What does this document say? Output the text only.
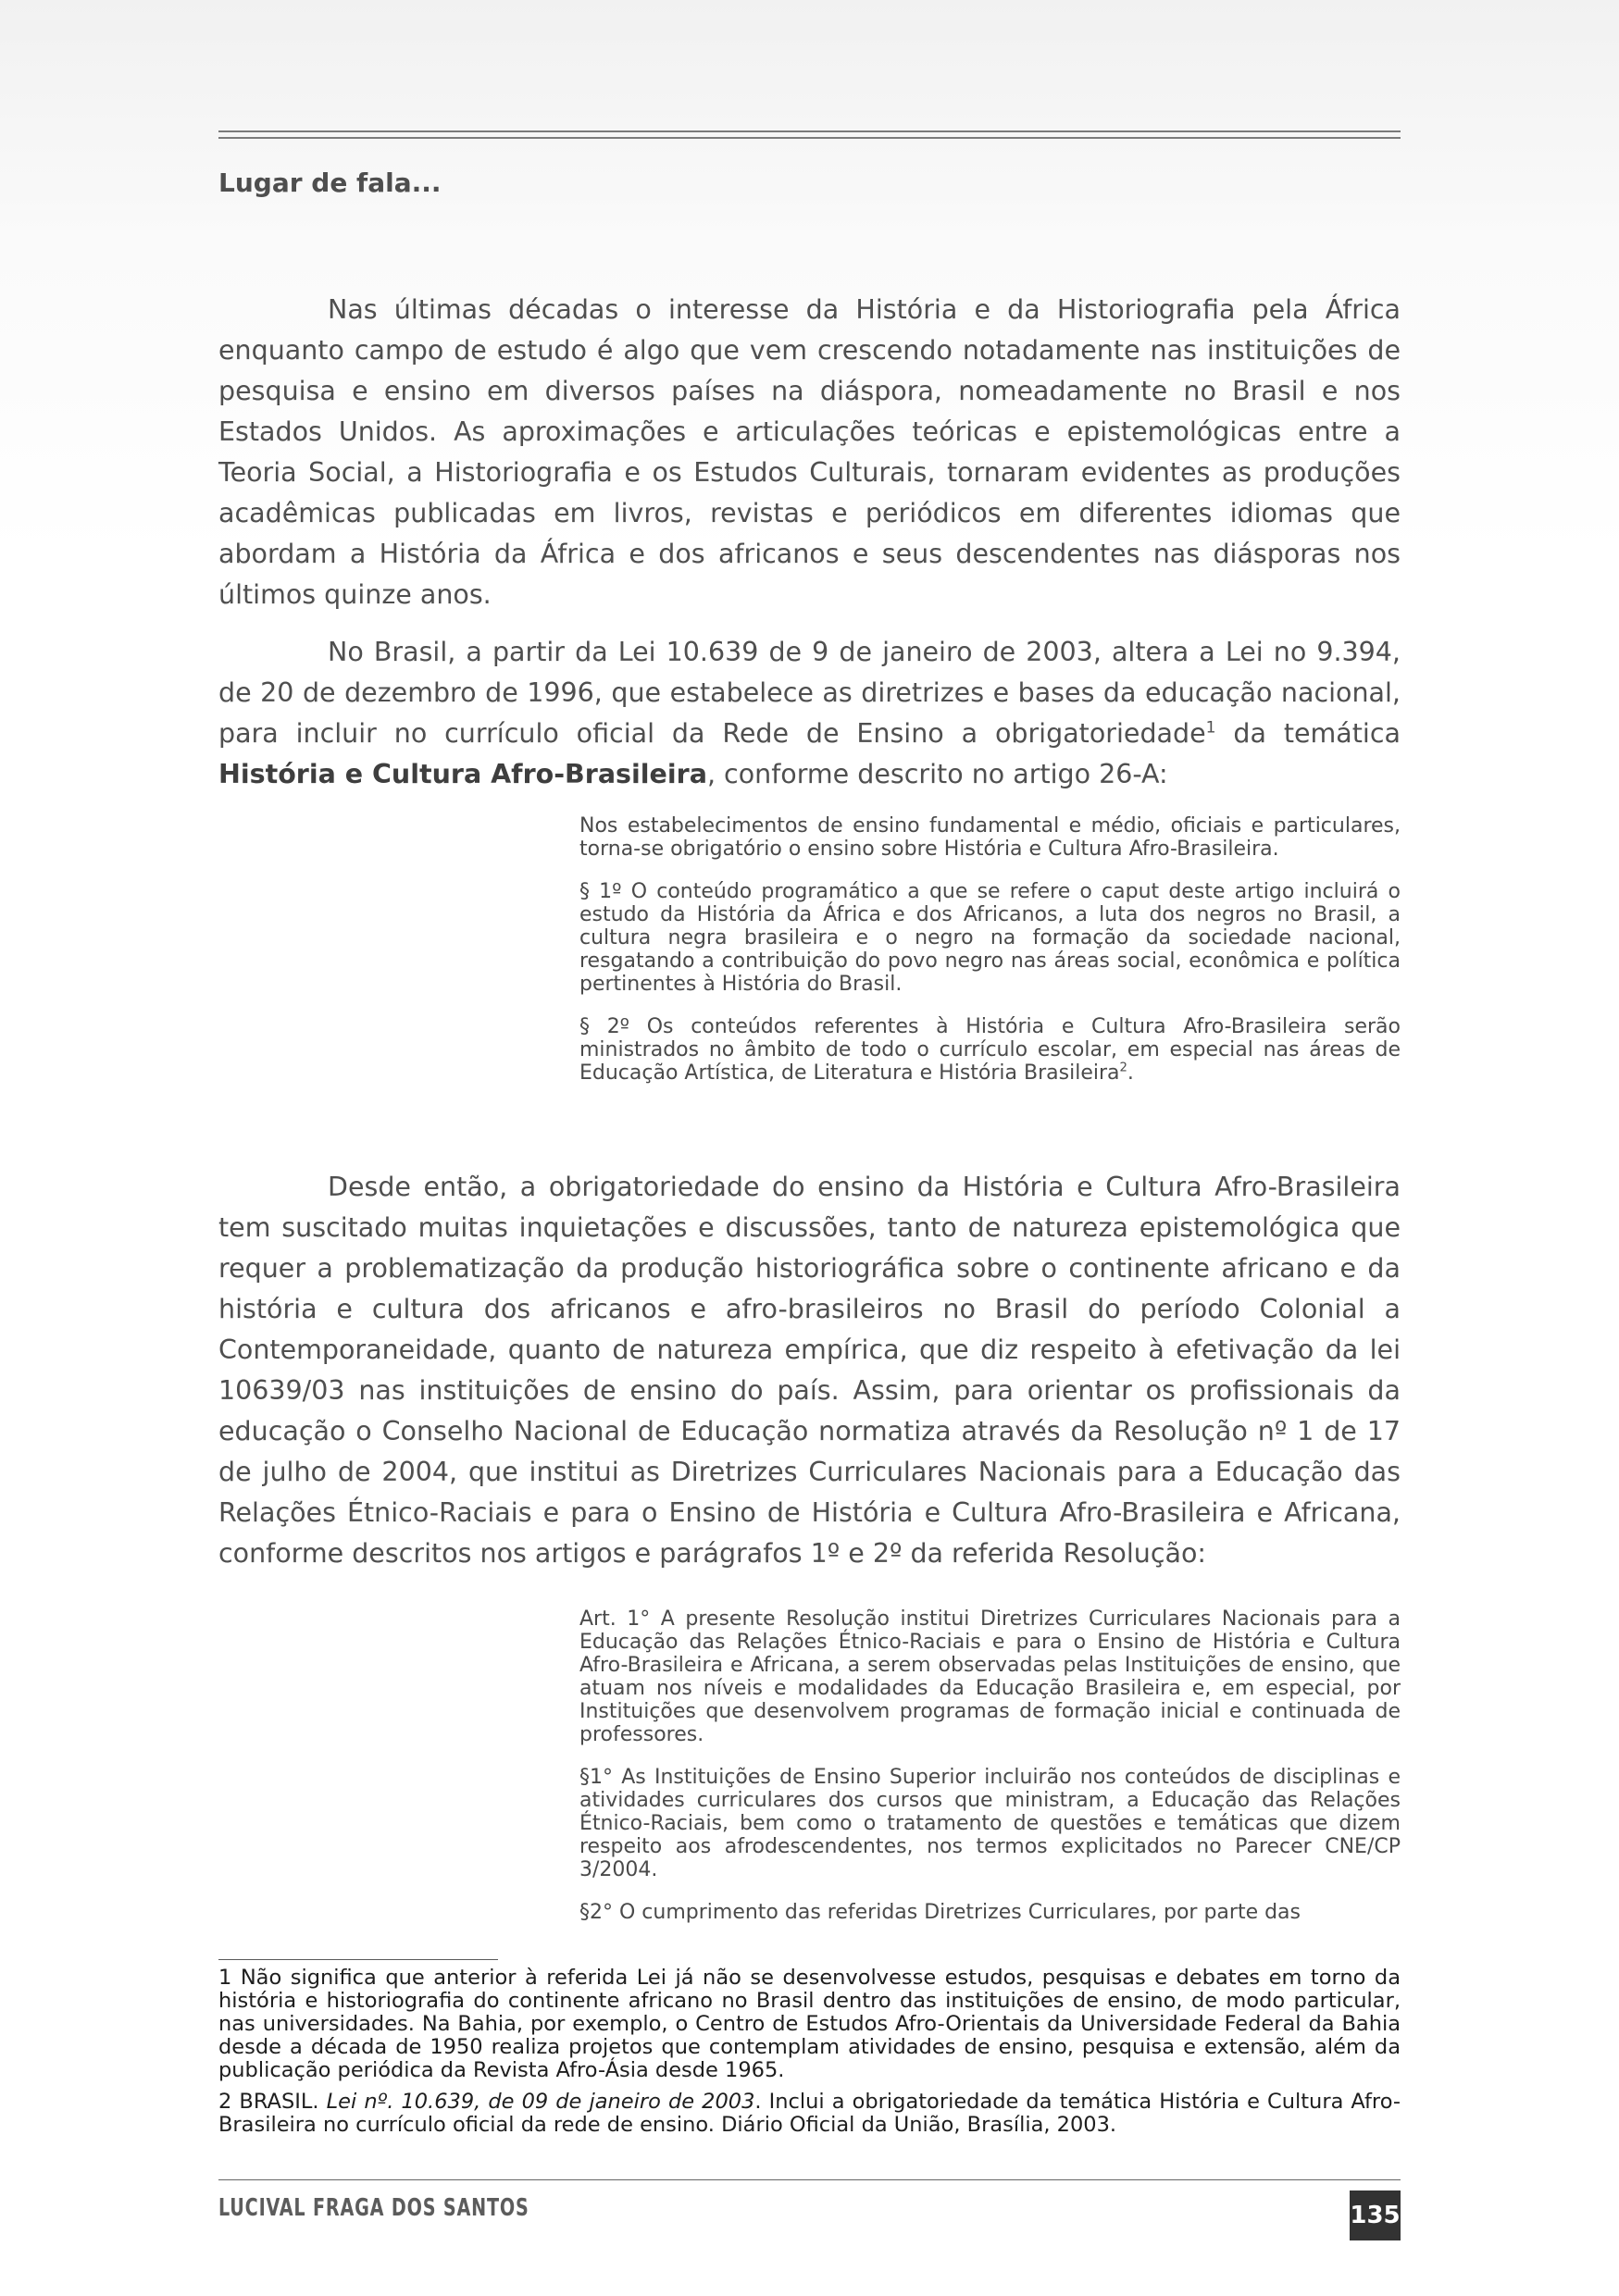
Lugar de fala...

Nas últimas décadas o interesse da História e da Historiografia pela África enquanto campo de estudo é algo que vem crescendo notadamente nas instituições de pesquisa e ensino em diversos países na diáspora, nomeadamente no Brasil e nos Estados Unidos. As aproximações e articulações teóricas e epistemológicas entre a Teoria Social, a Historiografia e os Estudos Culturais, tornaram evidentes as produções acadêmicas publicadas em livros, revistas e periódicos em diferentes idiomas que abordam a História da África e dos africanos e seus descendentes nas diásporas nos últimos quinze anos.

No Brasil, a partir da Lei 10.639 de 9 de janeiro de 2003, altera a Lei no 9.394, de 20 de dezembro de 1996, que estabelece as diretrizes e bases da educação nacional, para incluir no currículo oficial da Rede de Ensino a obrigatoriedade$^1$ da temática História e Cultura Afro-Brasileira, conforme descrito no artigo 26-A:

Nos estabelecimentos de ensino fundamental e médio, oficiais e particulares, torna-se obrigatório o ensino sobre História e Cultura Afro-Brasileira.

§ 1º O conteúdo programático a que se refere o caput deste artigo incluirá o estudo da História da África e dos Africanos, a luta dos negros no Brasil, a cultura negra brasileira e o negro na formação da sociedade nacional, resgatando a contribuição do povo negro nas áreas social, econômica e política pertinentes à História do Brasil.

§ 2º Os conteúdos referentes à História e Cultura Afro-Brasileira serão ministrados no âmbito de todo o currículo escolar, em especial nas áreas de Educação Artística, de Literatura e História Brasileira$^2$.

Desde então, a obrigatoriedade do ensino da História e Cultura Afro-Brasileira tem suscitado muitas inquietações e discussões, tanto de natureza epistemológica que requer a problematização da produção historiográfica sobre o continente africano e da história e cultura dos africanos e afro-brasileiros no Brasil do período Colonial a Contemporaneidade, quanto de natureza empírica, que diz respeito à efetivação da lei 10639/03 nas instituições de ensino do país. Assim, para orientar os profissionais da educação o Conselho Nacional de Educação normatiza através da Resolução nº 1 de 17 de julho de 2004, que institui as Diretrizes Curriculares Nacionais para a Educação das Relações Étnico-Raciais e para o Ensino de História e Cultura Afro-Brasileira e Africana, conforme descritos nos artigos e parágrafos 1º e 2º da referida Resolução:

Art. 1° A presente Resolução institui Diretrizes Curriculares Nacionais para a Educação das Relações Étnico-Raciais e para o Ensino de História e Cultura Afro-Brasileira e Africana, a serem observadas pelas Instituições de ensino, que atuam nos níveis e modalidades da Educação Brasileira e, em especial, por Instituições que desenvolvem programas de formação inicial e continuada de professores.

§1° As Instituições de Ensino Superior incluirão nos conteúdos de disciplinas e atividades curriculares dos cursos que ministram, a Educação das Relações Étnico-Raciais, bem como o tratamento de questões e temáticas que dizem respeito aos afrodescendentes, nos termos explicitados no Parecer CNE/CP 3/2004.

§2° O cumprimento das referidas Diretrizes Curriculares, por parte das

1 Não significa que anterior à referida Lei já não se desenvolvesse estudos, pesquisas e debates em torno da história e historiografia do continente africano no Brasil dentro das instituições de ensino, de modo particular, nas universidades. Na Bahia, por exemplo, o Centro de Estudos Afro-Orientais da Universidade Federal da Bahia desde a década de 1950 realiza projetos que contemplam atividades de ensino, pesquisa e extensão, além da publicação periódica da Revista Afro-Ásia desde 1965.

2 BRASIL. Lei nº. 10.639, de 09 de janeiro de 2003. Inclui a obrigatoriedade da temática História e Cultura Afro-Brasileira no currículo oficial da rede de ensino. Diário Oficial da União, Brasília, 2003.

LUCIVAL FRAGA DOS SANTOS	135
